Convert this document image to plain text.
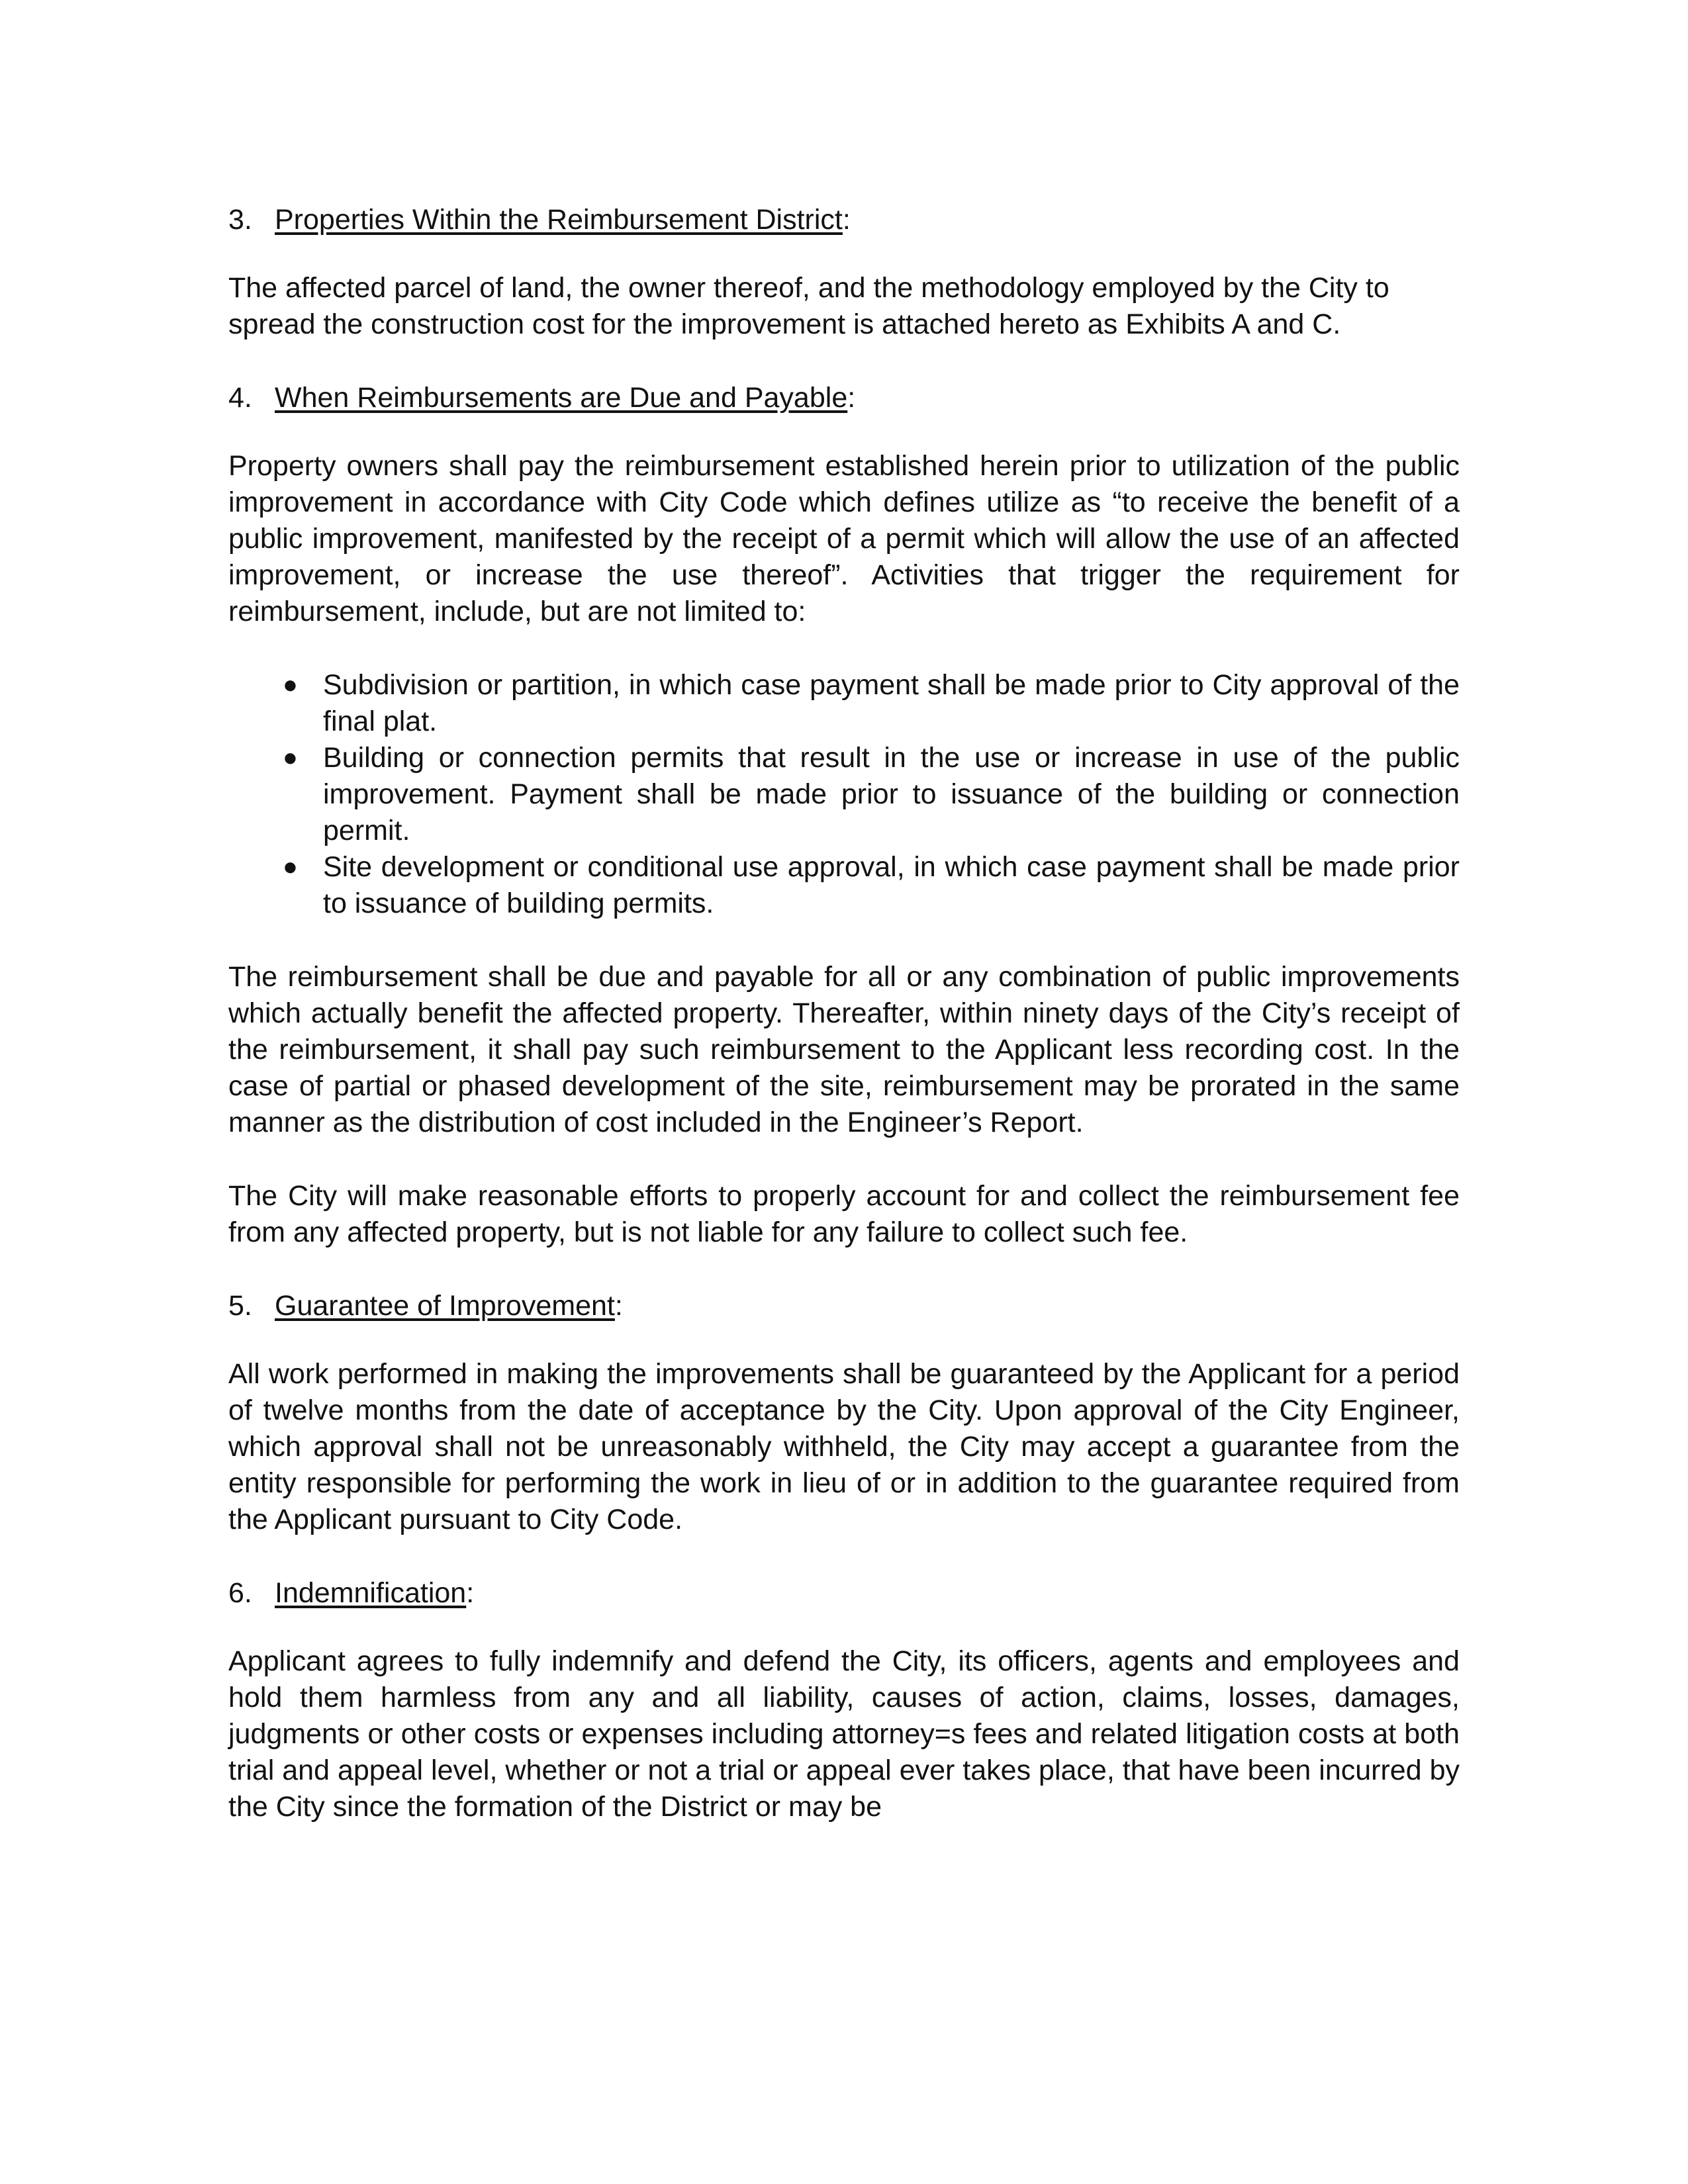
3. Properties Within the Reimbursement District:

The affected parcel of land, the owner thereof, and the methodology employed by the City to spread the construction cost for the improvement is attached hereto as Exhibits A and C.

4. When Reimbursements are Due and Payable:

Property owners shall pay the reimbursement established herein prior to utilization of the public improvement in accordance with City Code which defines utilize as “to receive the benefit of a public improvement, manifested by the receipt of a permit which will allow the use of an affected improvement, or increase the use thereof”. Activities that trigger the requirement for reimbursement, include, but are not limited to:

● Subdivision or partition, in which case payment shall be made prior to City approval of the final plat.
● Building or connection permits that result in the use or increase in use of the public improvement. Payment shall be made prior to issuance of the building or connection permit.
● Site development or conditional use approval, in which case payment shall be made prior to issuance of building permits.

The reimbursement shall be due and payable for all or any combination of public improvements which actually benefit the affected property. Thereafter, within ninety days of the City’s receipt of the reimbursement, it shall pay such reimbursement to the Applicant less recording cost. In the case of partial or phased development of the site, reimbursement may be prorated in the same manner as the distribution of cost included in the Engineer’s Report.

The City will make reasonable efforts to properly account for and collect the reimbursement fee from any affected property, but is not liable for any failure to collect such fee.

5. Guarantee of Improvement:

All work performed in making the improvements shall be guaranteed by the Applicant for a period of twelve months from the date of acceptance by the City. Upon approval of the City Engineer, which approval shall not be unreasonably withheld, the City may accept a guarantee from the entity responsible for performing the work in lieu of or in addition to the guarantee required from the Applicant pursuant to City Code.

6. Indemnification:

Applicant agrees to fully indemnify and defend the City, its officers, agents and employees and hold them harmless from any and all liability, causes of action, claims, losses, damages, judgments or other costs or expenses including attorney=s fees and related litigation costs at both trial and appeal level, whether or not a trial or appeal ever takes place, that have been incurred by the City since the formation of the District or may be
